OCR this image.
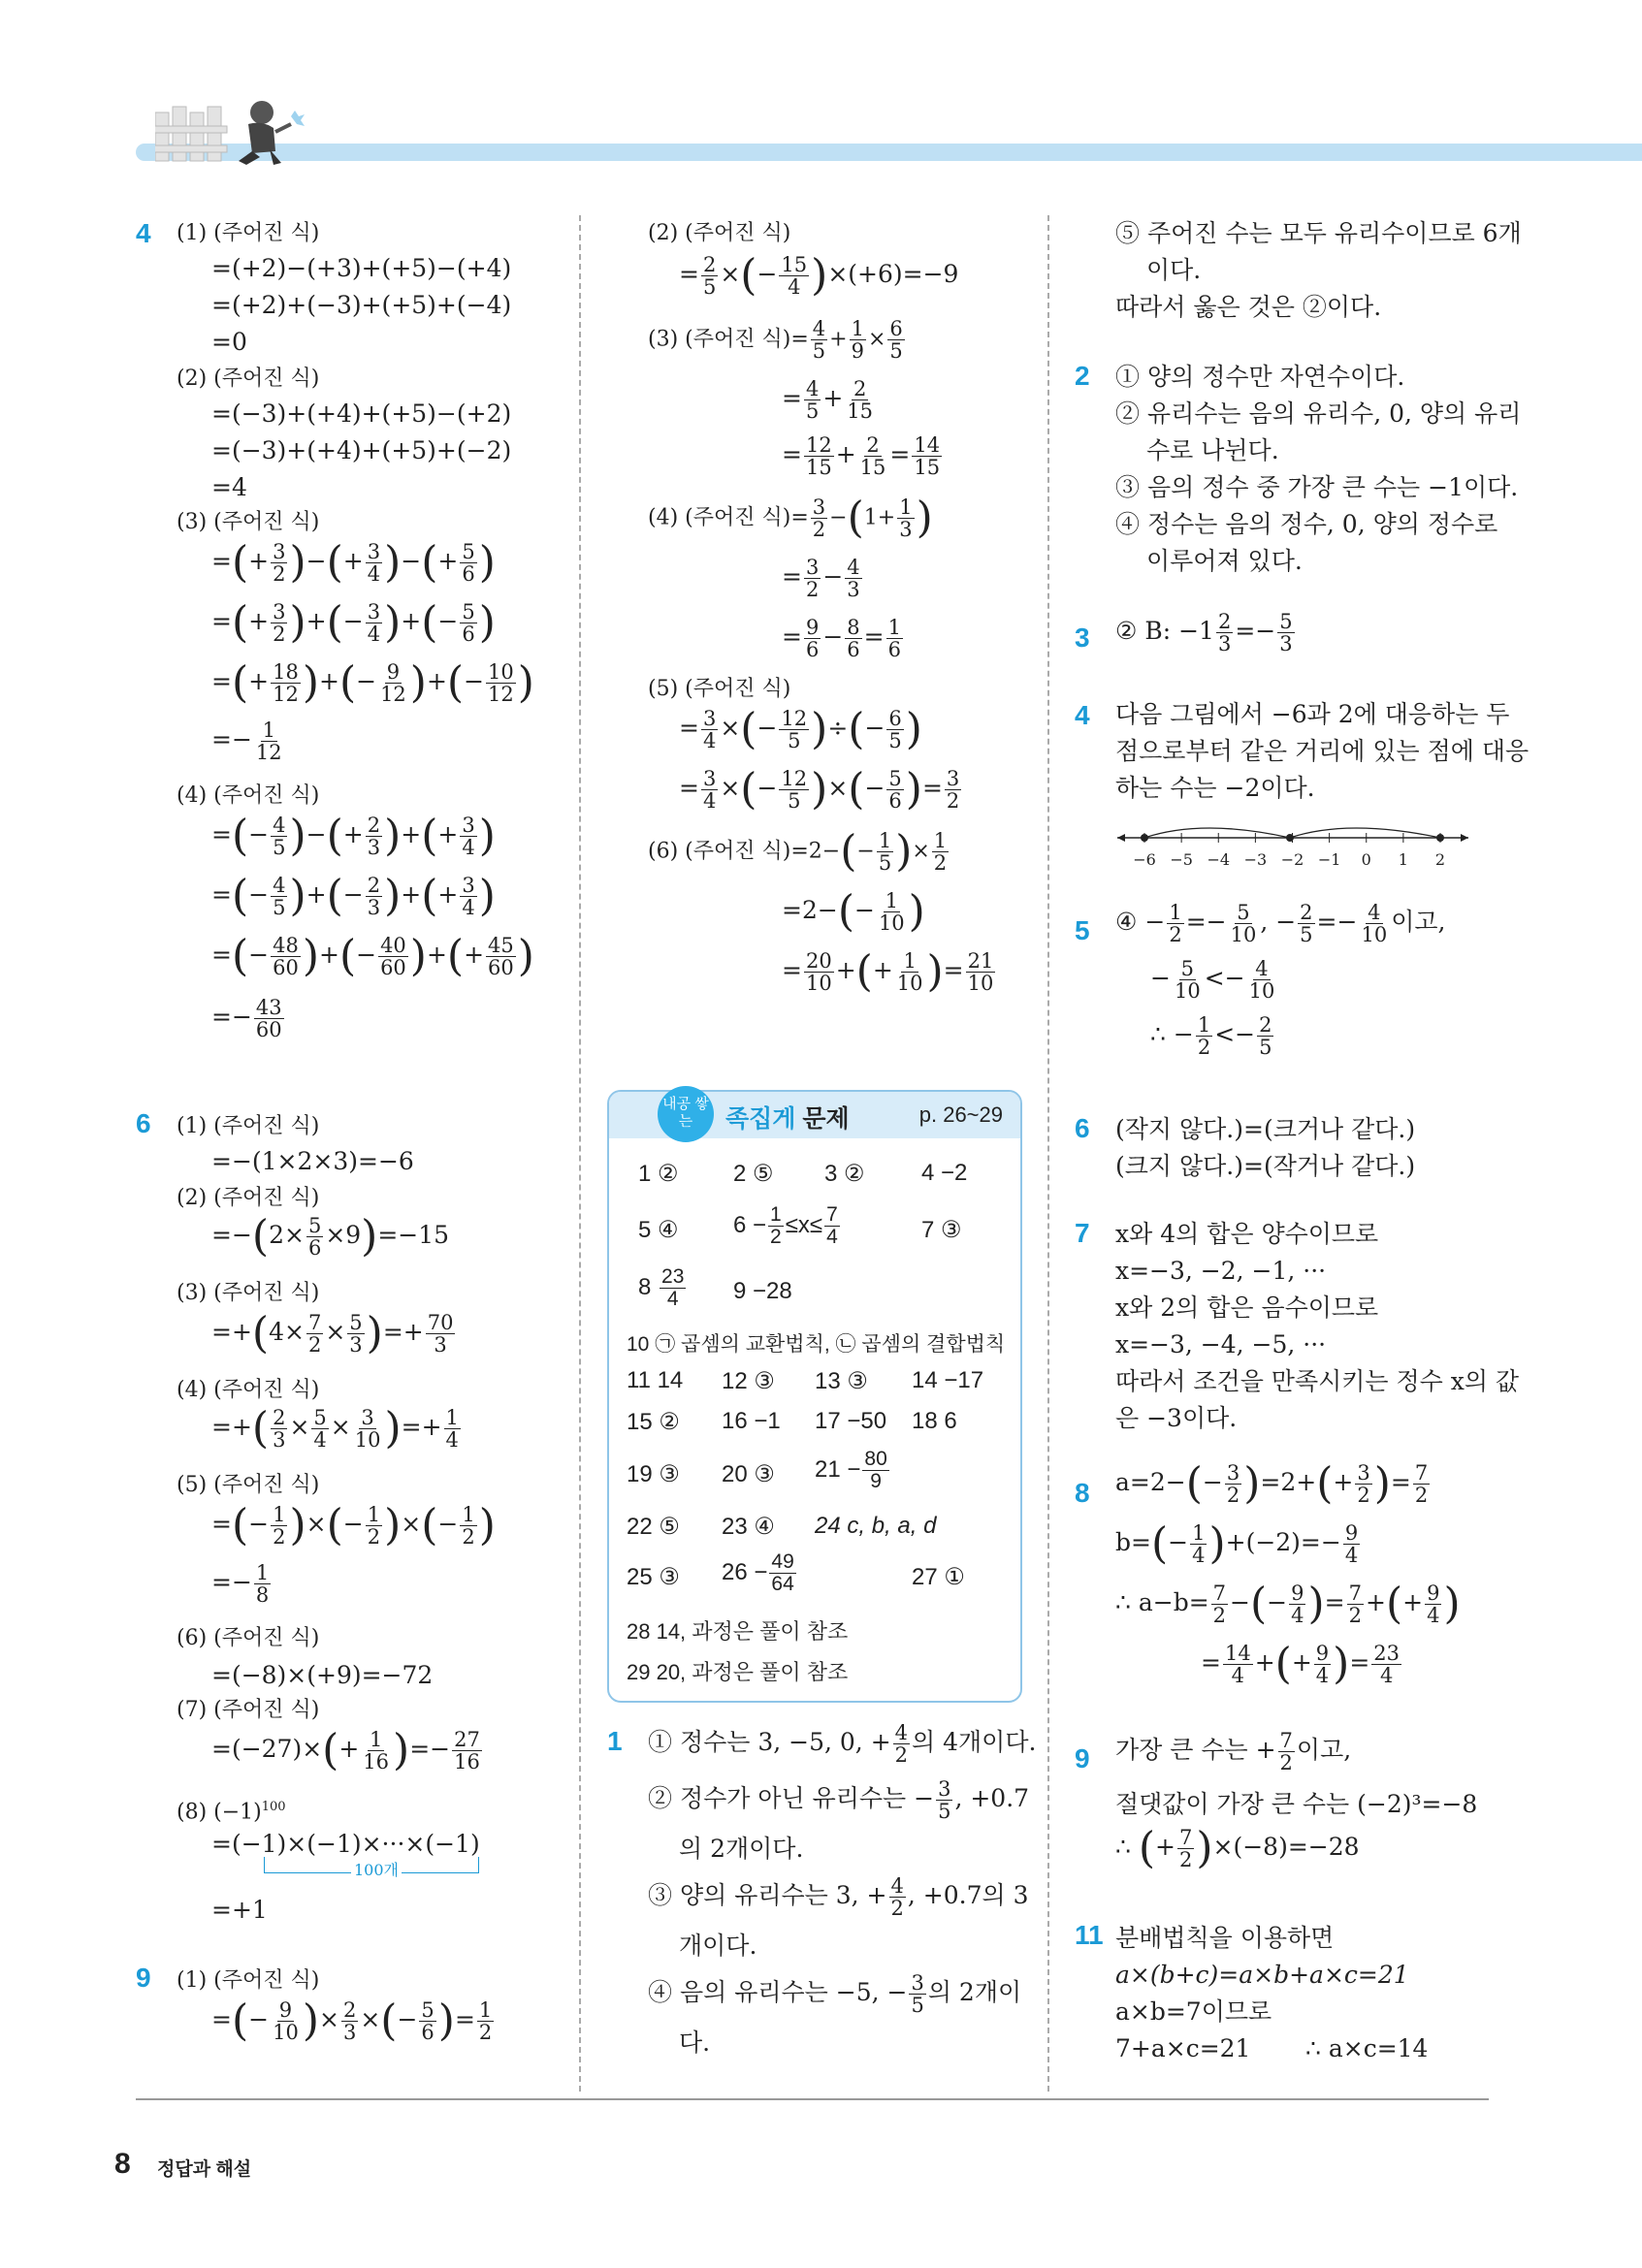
4 (1) (주어진 식)
=(+2)−(+3)+(+5)−(+4)
=(+2)+(−3)+(+5)+(−4)
=0
(2) (주어진 식)
=(−3)+(+4)+(+5)−(+2)
=(−3)+(+4)+(+5)+(−2)
=4
(3) (주어진 식)
=(+ $\frac{3}{2}$ )−(+ $\frac{3}{4}$ )−(+ $\frac{5}{6}$ )
=(+ $\frac{3}{2}$ )+(− $\frac{3}{4}$ )+(− $\frac{5}{6}$ )
=(+ $\frac{18}{12}$ )+(− $\frac{9}{12}$ )+(− $\frac{10}{12}$ )
=− $\frac{1}{12}$
(4) (주어진 식)
=(− $\frac{4}{5}$ )−(+ $\frac{2}{3}$ )+(+ $\frac{3}{4}$ )
=(− $\frac{4}{5}$ )+(− $\frac{2}{3}$ )+(+ $\frac{3}{4}$ )
=(− $\frac{48}{60}$ )+(− $\frac{40}{60}$ )+(+ $\frac{45}{60}$ )
=− $\frac{43}{60}$
6 (1) (주어진 식)
=−(1×2×3)=−6
(2) (주어진 식)
$=-(2\times \frac{5}{6} \times 9)=-15$
(3) (주어진 식)
$=+(4\times \frac{7}{2} \times \frac{5}{3}$ )=+ $\frac{70}{3}$
(4) (주어진 식)
=+( $\frac{2}{3} \times \frac{5}{4} \times \frac{3}{10}$ )=+ $\frac{1}{4}$
(5) (주어진 식)
=(− $\frac{1}{2}$ )×(− $\frac{1}{2}$ )×(− $\frac{1}{2}$ )
=− $\frac{1}{8}$
(6) (주어진 식)
=(−8)×(+9)=−72
(7) (주어진 식)
$=(-27)\times(+ \frac{1}{16}$ )=− $\frac{27}{16}$
(8) $(-1)^{100}$
=(−1)×(−1)×···×(−1)
100개
=+1
9 (1) (주어진 식)
=(− $\frac{9}{10}$ )× $\frac{2}{3}$ ×(− $\frac{5}{6}$ )= $\frac{1}{2}$
(2) (주어진 식)
= $\frac{2}{5}$ ×(− $\frac{15}{4} )\times(+6)=-9$
(3) (주어진 식)= $\frac{4}{5} + \frac{1}{9} \times \frac{6}{5}$
= $\frac{4}{5} + \frac{2}{15}$
= $\frac{12}{15} + \frac{2}{15} = \frac{14}{15}$
(4) (주어진 식)= $\frac{3}{2} -(1+ \frac{1}{3}$ )
= $\frac{3}{2} - \frac{4}{3}$
= $\frac{9}{6} - \frac{8}{6} = \frac{1}{6}$
(5) (주어진 식)
= $\frac{3}{4}$ ×(− $\frac{12}{5}$ )÷(− $\frac{6}{5}$ )
= $\frac{3}{4}$ ×(− $\frac{12}{5}$ )×(− $\frac{5}{6}$ )= $\frac{3}{2}$
(6) (주어진 식)$=2-(- \frac{1}{5}$ )× $\frac{1}{2}$
$=2-(- \frac{1}{10}$ )
= $\frac{20}{10}$ +(+ $\frac{1}{10}$ )= $\frac{21}{10}$
내공 쌓는	족집게 문제	p. 26~29
1 ② 2 ⑤ 3 ② 4 −2
5 ④ $6 - \frac{1}{2} \le x\le \frac{7}{4}$	7 ③
$8 \frac{23}{4} 9 -28$
10 ㉠ 곱셈의 교환법칙, ㉡ 곱셈의 결합법칙
11 14 12 ③ 13 ③ 14 −17
15 ② 16 −1 17 −50 18 6
19 ③ 20 ③ $21 - \frac{80}{9}$
22 ⑤ 23 ④ 24 c, b, a, d
25 ③ $26 - \frac{49}{64}$	27 ①
28 14, 과정은 풀이 참조
29 20, 과정은 풀이 참조
1 ① 정수는 3, −5, 0, + $\frac{4}{2}$ 의 4개이다.
② 정수가 아닌 유리수는 − $\frac{3}{5}$ , +0.7
의 2개이다.
③ 양의 유리수는 3, + $\frac{4}{2}$ , +0.7의 3
개이다.
④ 음의 유리수는 −5, − $\frac{3}{5}$ 의 2개이
다.
⑤ 주어진 수는 모두 유리수이므로 6개
이다.
따라서 옳은 것은 ②이다.
2 ① 양의 정수만 자연수이다.
② 유리수는 음의 유리수, 0, 양의 유리
수로 나뉜다.
③ 음의 정수 중 가장 큰 수는 −1이다.
④ 정수는 음의 정수, 0, 양의 정수로
이루어져 있다.
3 ② B: $-1 \frac{2}{3} =- \frac{5}{3}$
4 다음 그림에서 −6과 2에 대응하는 두
점으로부터 같은 거리에 있는 점에 대응
하는 수는 −2이다.
−6 −5 −4 −3 −2 −1 0 1 2
5 ④ − $\frac{1}{2} =- \frac{5}{10}$ , − $\frac{2}{5} =- \frac{4}{10}$ 이고,
− $\frac{5}{10} <- \frac{4}{10}$
∴ − $\frac{1}{2} <- \frac{2}{5}$
6 (작지 않다.)=(크거나 같다.)
(크지 않다.)=(작거나 같다.)
7 x와 4의 합은 양수이므로
x=−3, −2, −1, ···
x와 2의 합은 음수이므로
x=−3, −4, −5, ···
따라서 조건을 만족시키는 정수 x의 값
은 −3이다.
8 $a=2-(- \frac{3}{2} )=2+(+ \frac{3}{2}$ )= $\frac{7}{2}$
$b=(- \frac{1}{4} )+(-2)=- \frac{9}{4}$
∴ $a-b= \frac{7}{2}$ −(− $\frac{9}{4}$ )= $\frac{7}{2}$ +(+ $\frac{9}{4}$ )
= $\frac{14}{4}$ +(+ $\frac{9}{4}$ )= $\frac{23}{4}$
9 가장 큰 수는 + $\frac{7}{2}$ 이고,
절댓값이 가장 큰 수는 (−2)³=−8
∴ (+ $\frac{7}{2} )\times(-8)=-28$
11 분배법칙을 이용하면
a×(b+c)=a×b+a×c=21
a×b=7이므로
7+a×c=21 ∴ a×c=14
8 정답과 해설
